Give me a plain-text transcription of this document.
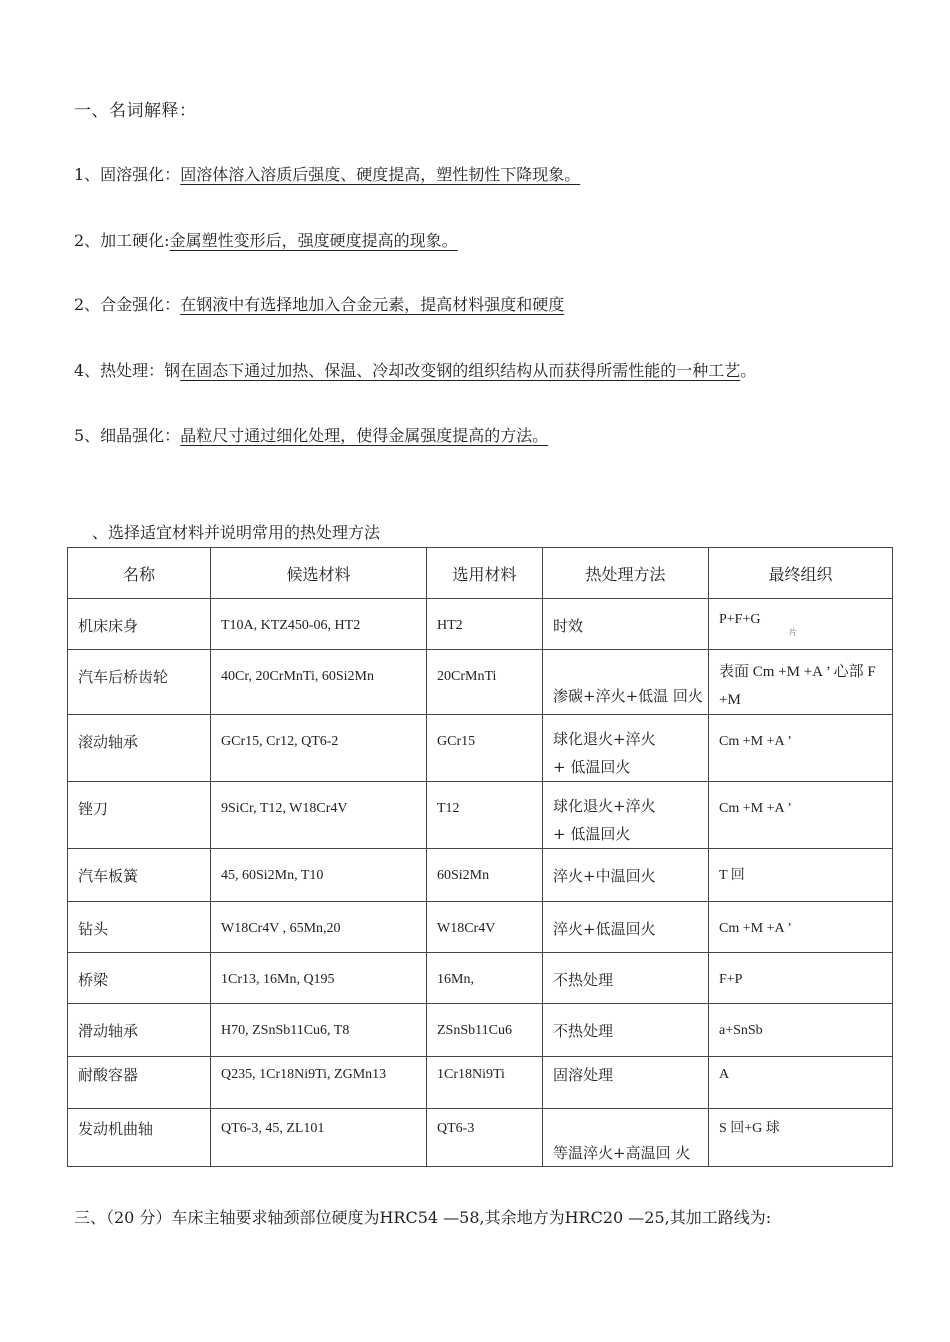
一、名词解释：
1、固溶强化：固溶体溶入溶质后强度、硬度提高，塑性韧性下降现象。
2、加工硬化:金属塑性变形后，强度硬度提高的现象。
2、合金强化：在钢液中有选择地加入合金元素，提高材料强度和硬度
4、热处理：钢在固态下通过加热、保温、冷却改变钢的组织结构从而获得所需性能的一种工艺。
5、细晶强化：晶粒尺寸通过细化处理，使得金属强度提高的方法。
、选择适宜材料并说明常用的热处理方法
名称	候选材料	选用材料	热处理方法	最终组织

机床床身	T10A, KTZ450-06, HT2	HT2	时效	P+F+G
片

汽车后桥齿轮	40Cr, 20CrMnTi, 60Si2Mn	20CrMnTi	渗碳+淬火+低温 回火	表面 Cm +M +A ’ 心部 F +M

滚动轴承	GCr15, Cr12, QT6-2	GCr15	球化退火+淬火+ 低温回火	Cm +M +A ’

锉刀	9SiCr, T12, W18Cr4V	T12	球化退火+淬火+ 低温回火	Cm +M +A ’

汽车板簧	45, 60Si2Mn, T10	60Si2Mn	淬火+中温回火	T 回

钻头	W18Cr4V , 65Mn,20	W18Cr4V	淬火+低温回火	Cm +M +A ’

桥梁	1Cr13, 16Mn, Q195	16Mn,	不热处理	F+P

滑动轴承	H70, ZSnSb11Cu6, T8	ZSnSb11Cu6	不热处理	a+SnSb

耐酸容器	Q235, 1Cr18Ni9Ti, ZGMn13	1Cr18Ni9Ti	固溶处理	A

发动机曲轴	QT6-3, 45, ZL101	QT6-3	等温淬火+高温回 火	S 回+G 球
三、（20 分）车床主轴要求轴颈部位硬度为HRC54 —58,其余地方为HRC20 —25,其加工路线为:
